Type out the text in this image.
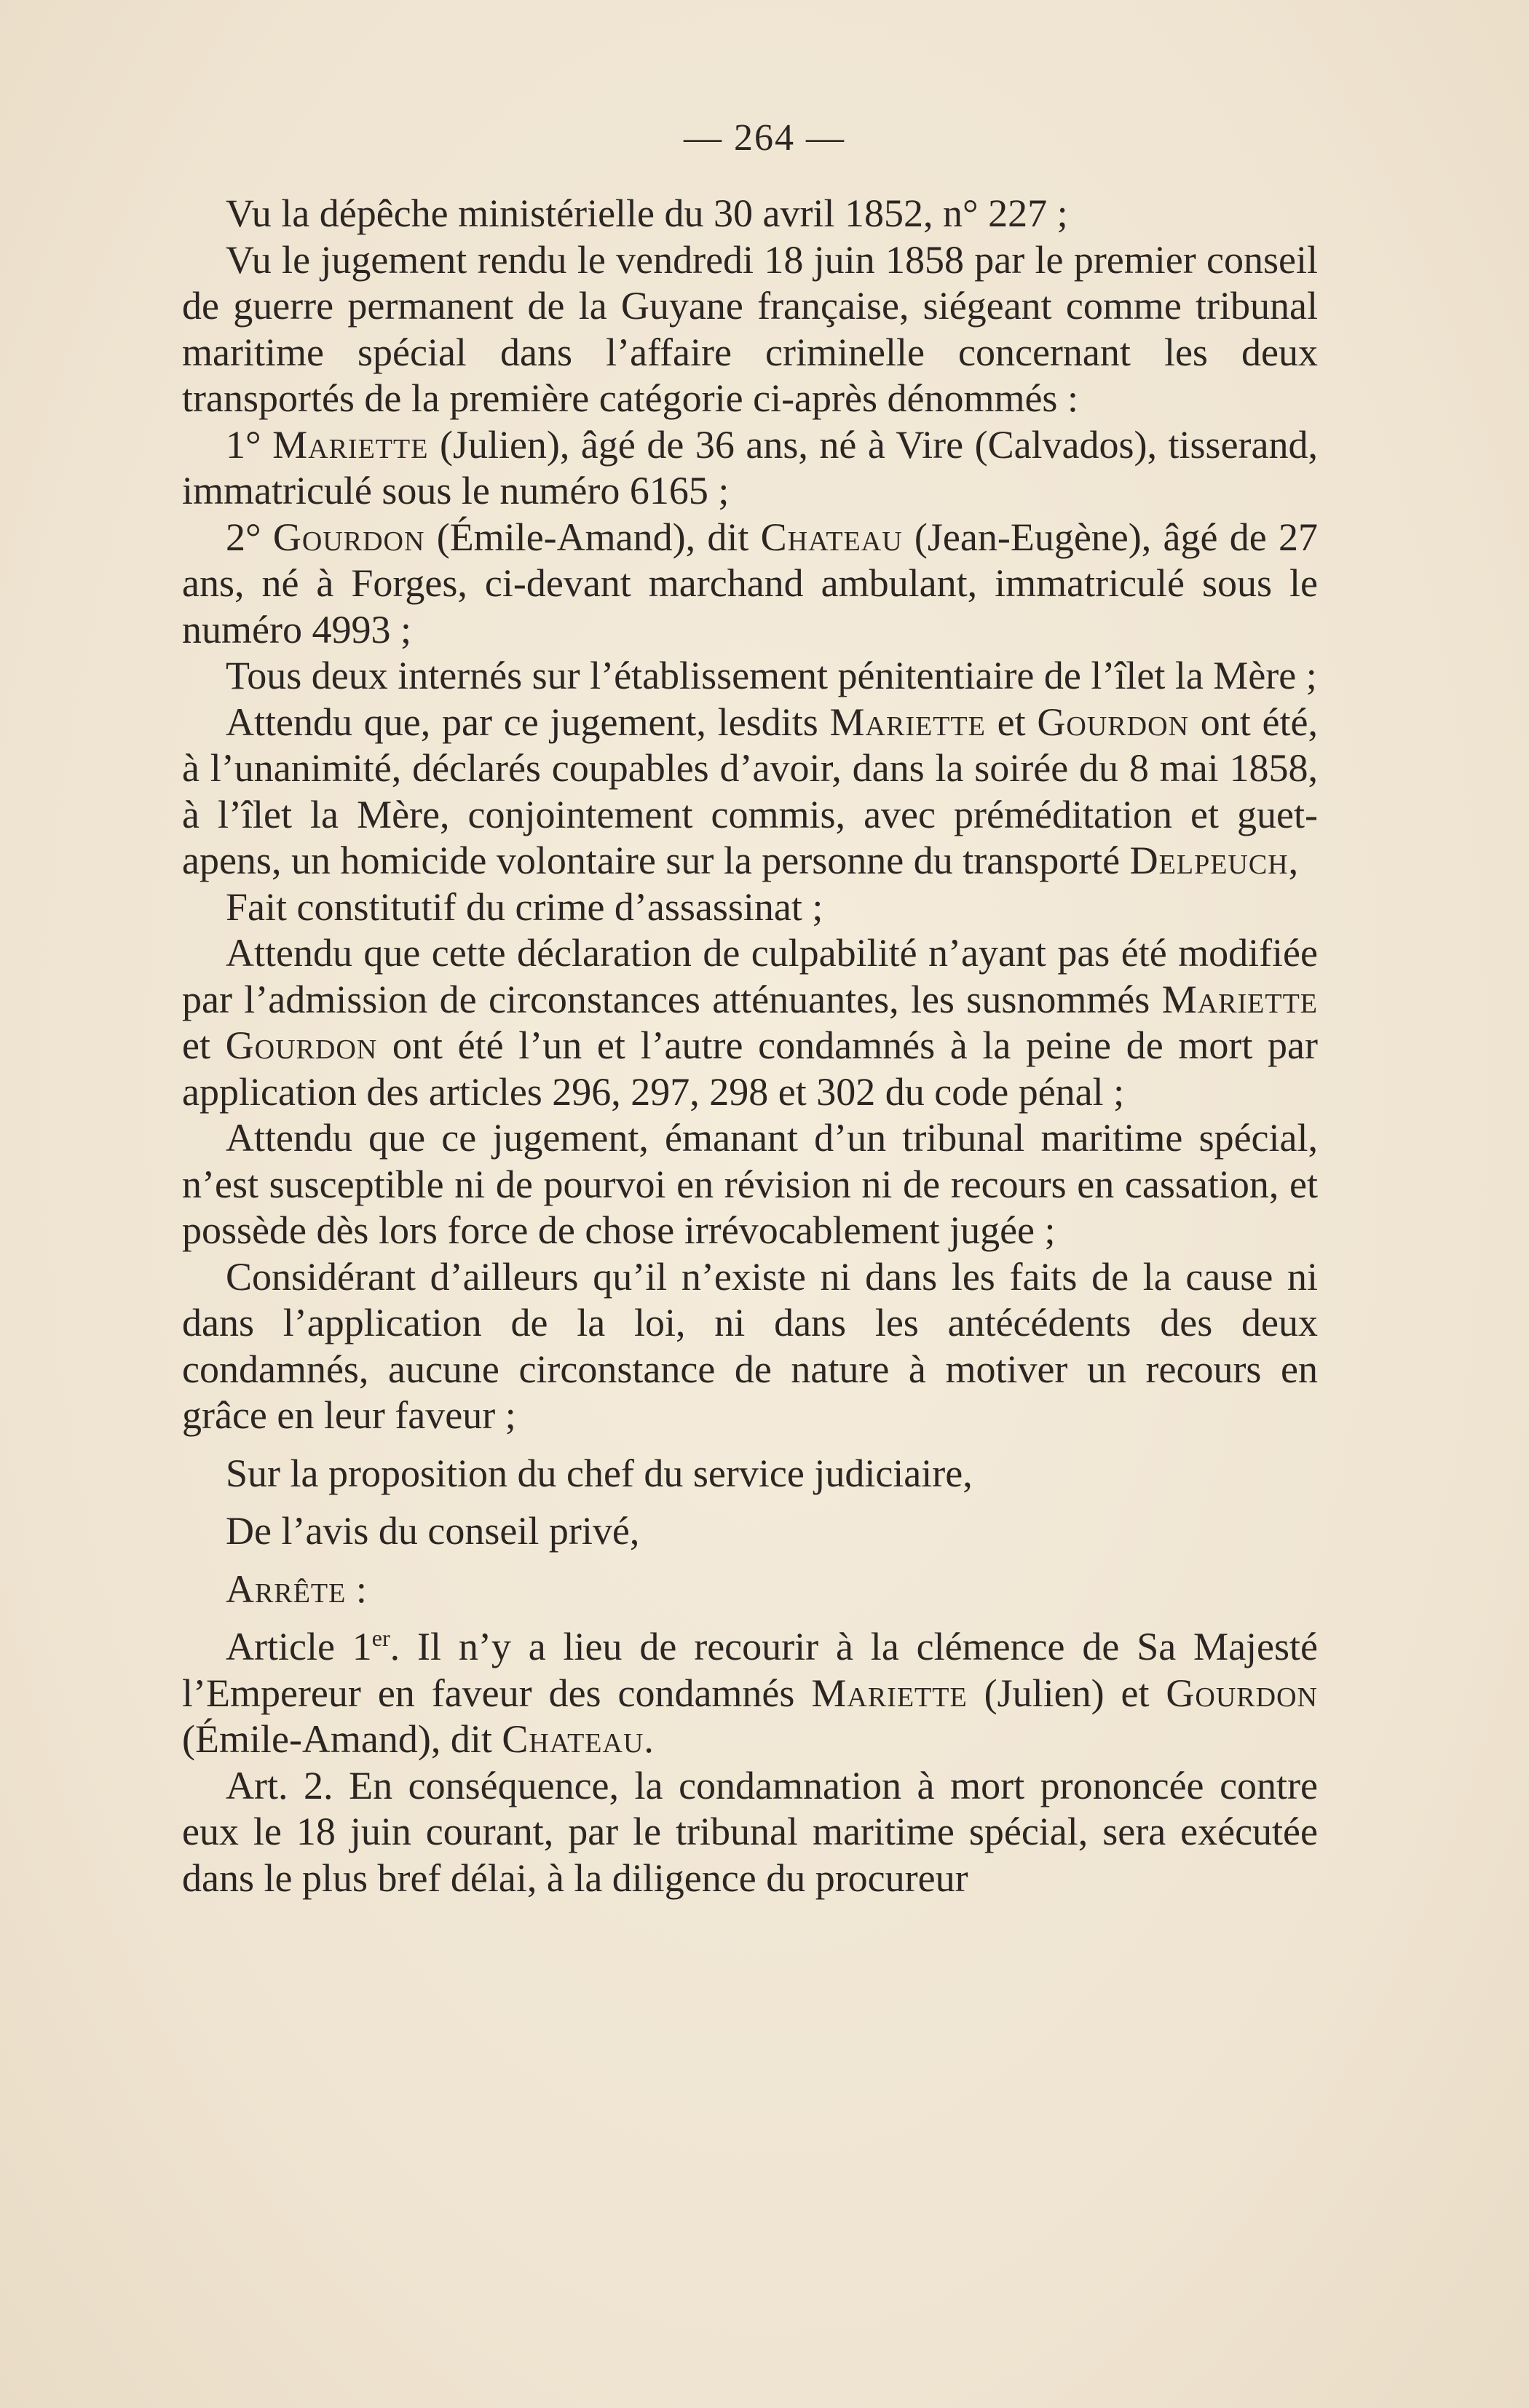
— 264 —

Vu la dépêche ministérielle du 30 avril 1852, n° 227 ;

Vu le jugement rendu le vendredi 18 juin 1858 par le premier conseil de guerre permanent de la Guyane française, siégeant comme tribunal maritime spécial dans l’affaire criminelle concernant les deux transportés de la première catégorie ci-après dénommés :

1° Mariette (Julien), âgé de 36 ans, né à Vire (Calvados), tisserand, immatriculé sous le numéro 6165 ;

2° Gourdon (Émile-Amand), dit Chateau (Jean-Eugène), âgé de 27 ans, né à Forges, ci-devant marchand ambulant, immatriculé sous le numéro 4993 ;

Tous deux internés sur l’établissement pénitentiaire de l’îlet la Mère ;

Attendu que, par ce jugement, lesdits Mariette et Gourdon ont été, à l’unanimité, déclarés coupables d’avoir, dans la soirée du 8 mai 1858, à l’îlet la Mère, conjointement commis, avec préméditation et guet-apens, un homicide volontaire sur la personne du transporté Delpeuch,

Fait constitutif du crime d’assassinat ;

Attendu que cette déclaration de culpabilité n’ayant pas été modifiée par l’admission de circonstances atténuantes, les susnommés Mariette et Gourdon ont été l’un et l’autre condamnés à la peine de mort par application des articles 296, 297, 298 et 302 du code pénal ;

Attendu que ce jugement, émanant d’un tribunal maritime spécial, n’est susceptible ni de pourvoi en révision ni de recours en cassation, et possède dès lors force de chose irrévocablement jugée ;

Considérant d’ailleurs qu’il n’existe ni dans les faits de la cause ni dans l’application de la loi, ni dans les antécédents des deux condamnés, aucune circonstance de nature à motiver un recours en grâce en leur faveur ;

Sur la proposition du chef du service judiciaire,

De l’avis du conseil privé,

Arrête :

Article 1er. Il n’y a lieu de recourir à la clémence de Sa Majesté l’Empereur en faveur des condamnés Mariette (Julien) et Gourdon (Émile-Amand), dit Chateau.

Art. 2. En conséquence, la condamnation à mort prononcée contre eux le 18 juin courant, par le tribunal maritime spécial, sera exécutée dans le plus bref délai, à la diligence du procureur
